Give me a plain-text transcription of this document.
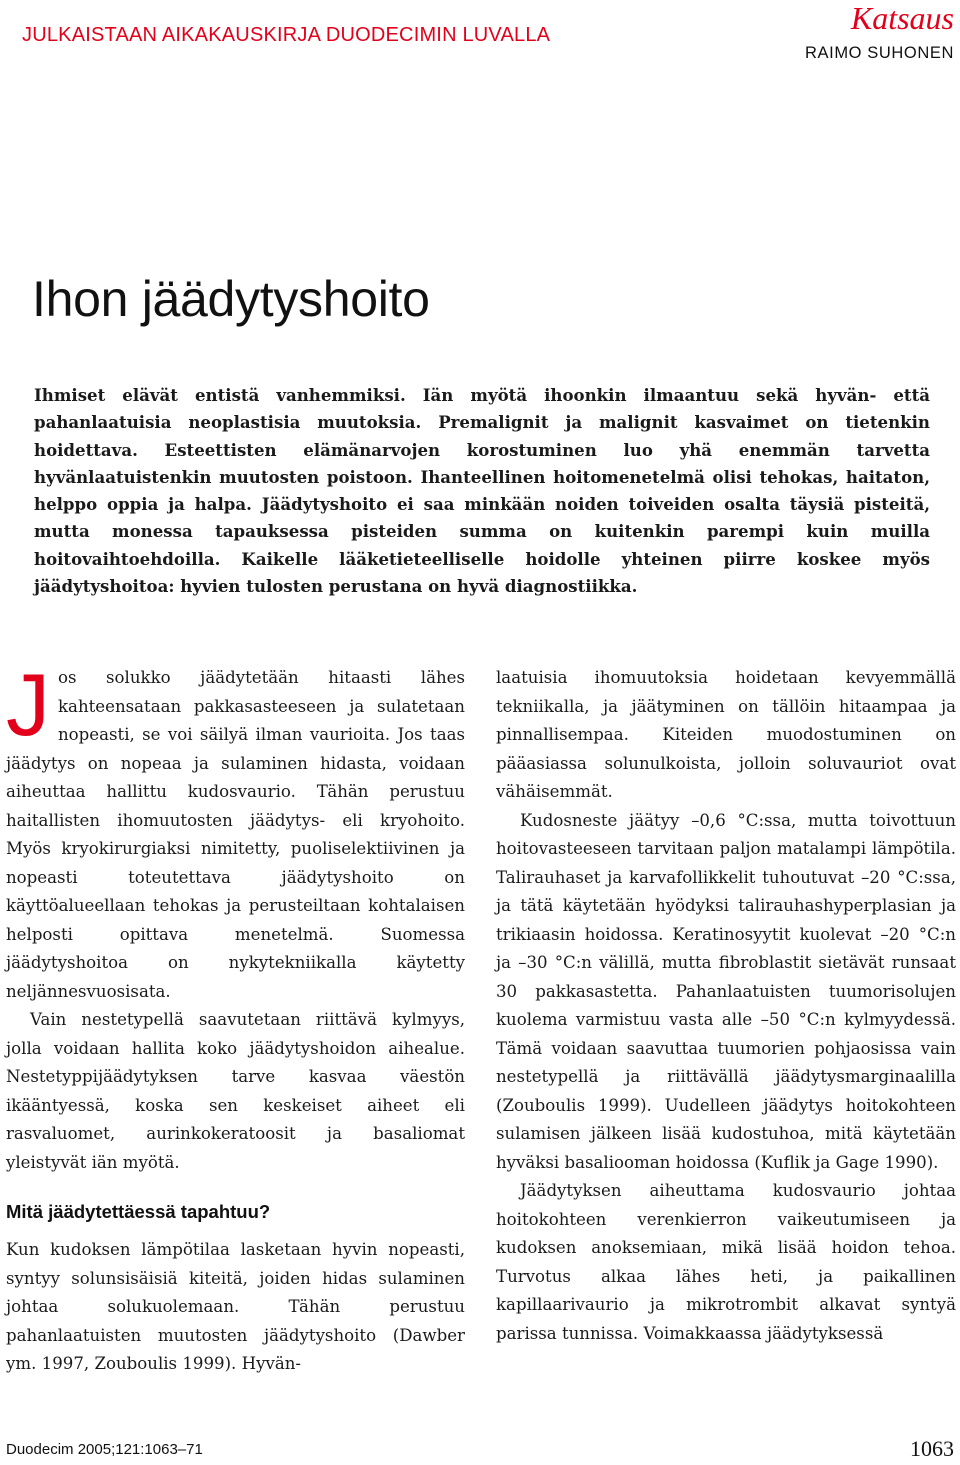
JULKAISTAAN AIKAKAUSKIRJA DUODECIMIN LUVALLA	Katsaus
RAIMO SUHONEN
Ihon jäädytyshoito

Ihmiset elävät entistä vanhemmiksi. Iän myötä ihoonkin ilmaantuu sekä hyvän- että pahanlaatuisia neoplastisia muutoksia. Premalignit ja malignit kasvaimet on tietenkin hoidettava. Esteettisten elämänarvojen korostuminen luo yhä enemmän tarvetta hyvänlaatuistenkin muutosten poistoon. Ihanteellinen hoitomenetelmä olisi tehokas, haitaton, helppo oppia ja halpa. Jäädytyshoito ei saa minkään noiden toiveiden osalta täysiä pisteitä, mutta monessa tapauksessa pisteiden summa on kuitenkin parempi kuin muilla hoitovaihtoehdoilla. Kaikelle lääketieteelliselle hoidolle yhteinen piirre koskee myös jäädytyshoitoa: hyvien tulosten perustana on hyvä diagnostiikka.

Jos solukko jäädytetään hitaasti lähes kahteensataan pakkasasteeseen ja sulatetaan nopeasti, se voi säilyä ilman vaurioita. Jos taas jäädytys on nopeaa ja sulaminen hidasta, voidaan aiheuttaa hallittu kudosvaurio. Tähän perustuu haitallisten ihomuutosten jäädytys- eli kryohoito. Myös kryokirurgiaksi nimitetty, puoliselektiivinen ja nopeasti toteutettava jäädytyshoito on käyttöalueellaan tehokas ja perusteiltaan kohtalaisen helposti opittava menetelmä. Suomessa jäädytyshoitoa on nykytekniikalla käytetty neljännesvuosisata.

Vain nestetypellä saavutetaan riittävä kylmyys, jolla voidaan hallita koko jäädytyshoidon aihealue. Nestetyppijäädytyksen tarve kasvaa väestön ikääntyessä, koska sen keskeiset aiheet eli rasvaluomet, aurinkokeratoosit ja basaliomat yleistyvät iän myötä.

Mitä jäädytettäessä tapahtuu?

Kun kudoksen lämpötilaa lasketaan hyvin nopeasti, syntyy solunsisäisiä kiteitä, joiden hidas sulaminen johtaa solukuolemaan. Tähän perustuu pahanlaatuisten muutosten jäädytyshoito (Dawber ym. 1997, Zouboulis 1999). Hyvän-

laatuisia ihomuutoksia hoidetaan kevyemmällä tekniikalla, ja jäätyminen on tällöin hitaampaa ja pinnallisempaa. Kiteiden muodostuminen on pääasiassa solunulkoista, jolloin soluvauriot ovat vähäisemmät.

Kudosneste jäätyy –0,6 °C:ssa, mutta toivottuun hoitovasteeseen tarvitaan paljon matalampi lämpötila. Talirauhaset ja karvafollikkelit tuhoutuvat –20 °C:ssa, ja tätä käytetään hyödyksi talirauhashyperplasian ja trikiaasin hoidossa. Keratinosyytit kuolevat –20 °C:n ja –30 °C:n välillä, mutta fibroblastit sietävät runsaat 30 pakkasastetta. Pahanlaatuisten tuumorisolujen kuolema varmistuu vasta alle –50 °C:n kylmyydessä. Tämä voidaan saavuttaa tuumorien pohjaosissa vain nestetypellä ja riittävällä jäädytysmarginaalilla (Zouboulis 1999). Uudelleen jäädytys hoitokohteen sulamisen jälkeen lisää kudostuhoa, mitä käytetään hyväksi basaliooman hoidossa (Kuflik ja Gage 1990).

Jäädytyksen aiheuttama kudosvaurio johtaa hoitokohteen verenkierron vaikeutumiseen ja kudoksen anoksemiaan, mikä lisää hoidon tehoa. Turvotus alkaa lähes heti, ja paikallinen kapillaarivaurio ja mikrotrombit alkavat syntyä parissa tunnissa. Voimakkaassa jäädytyksessä

Duodecim 2005;121:1063–71	1063
